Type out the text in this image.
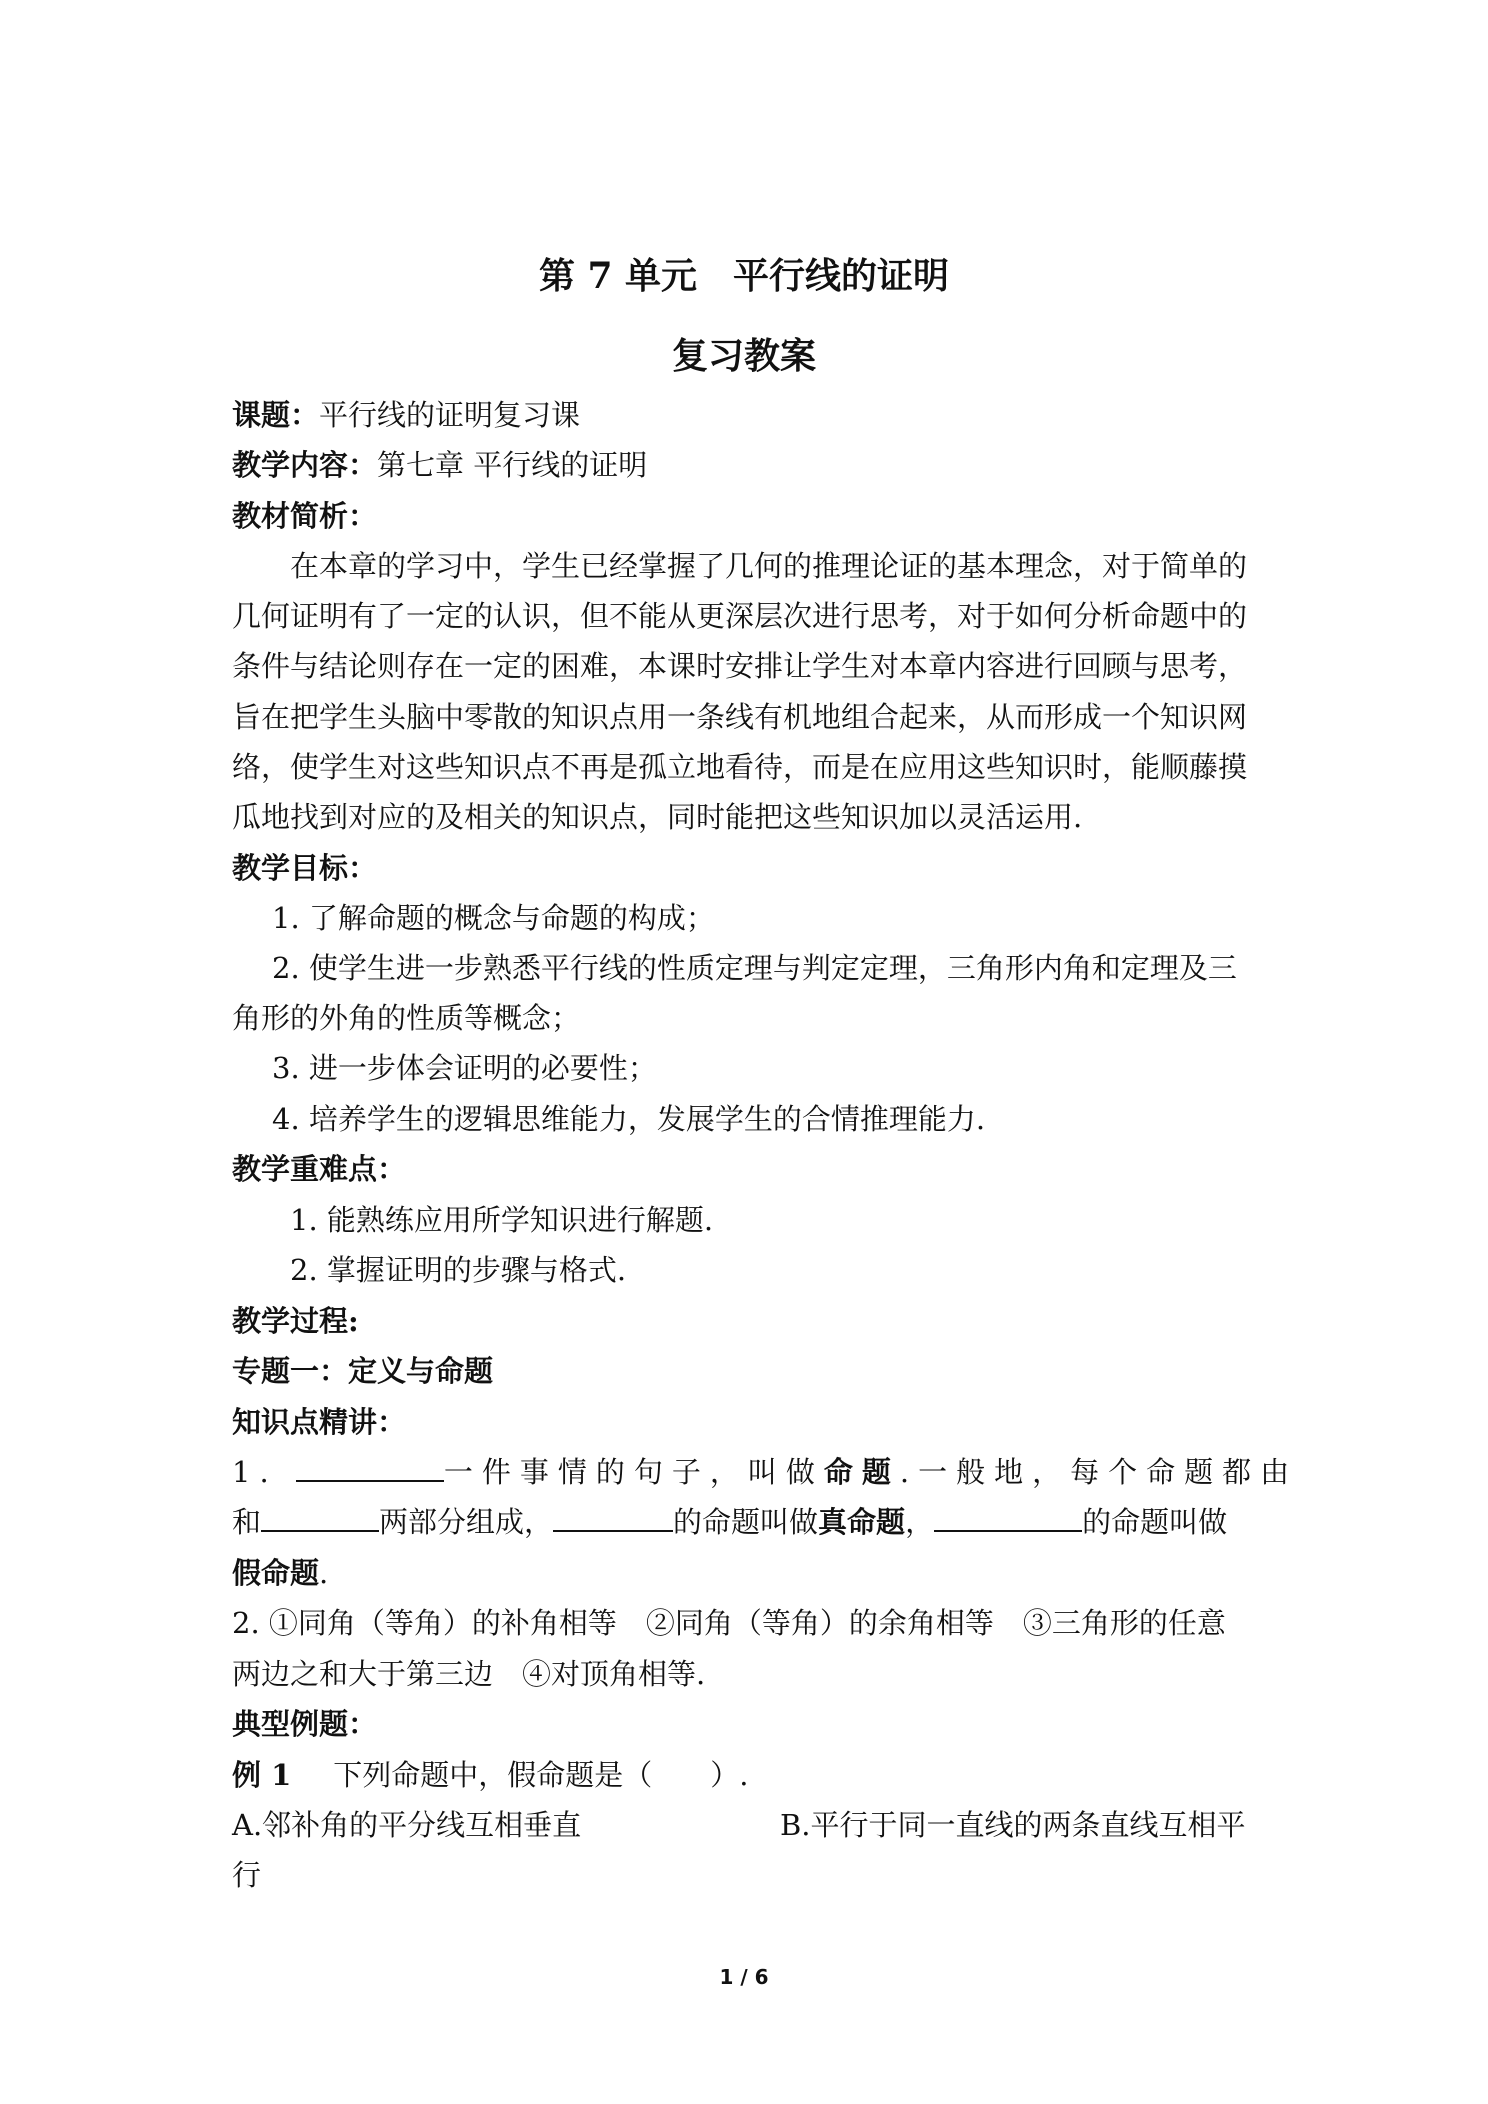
第 7 单元　平行线的证明
复习教案
课题：平行线的证明复习课
教学内容：第七章 平行线的证明
教材简析：
在本章的学习中，学生已经掌握了几何的推理论证的基本理念，对于简单的
几何证明有了一定的认识，但不能从更深层次进行思考，对于如何分析命题中的
条件与结论则存在一定的困难，本课时安排让学生对本章内容进行回顾与思考，
旨在把学生头脑中零散的知识点用一条线有机地组合起来，从而形成一个知识网
络，使学生对这些知识点不再是孤立地看待，而是在应用这些知识时，能顺藤摸
瓜地找到对应的及相关的知识点，同时能把这些知识加以灵活运用.
教学目标：
1. 了解命题的概念与命题的构成；
2. 使学生进一步熟悉平行线的性质定理与判定定理，三角形内角和定理及三
角形的外角的性质等概念；
3. 进一步体会证明的必要性；
4. 培养学生的逻辑思维能力，发展学生的合情推理能力.
教学重难点：
1. 能熟练应用所学知识进行解题.
2. 掌握证明的步骤与格式.
教学过程:
专题一：定义与命题
知识点精讲：
1.	一件事情的句子，叫做命题.一般地，每个命题都由
和	两部分组成，	的命题叫做真命题，	的命题叫做
假命题.
2. ①同角（等角）的补角相等　②同角（等角）的余角相等　③三角形的任意
两边之和大于第三边　④对顶角相等.
典型例题：
例 1 下列命题中，假命题是（　　）.
A.邻补角的平分线互相垂直	B.平行于同一直线的两条直线互相平
行
1 / 6
